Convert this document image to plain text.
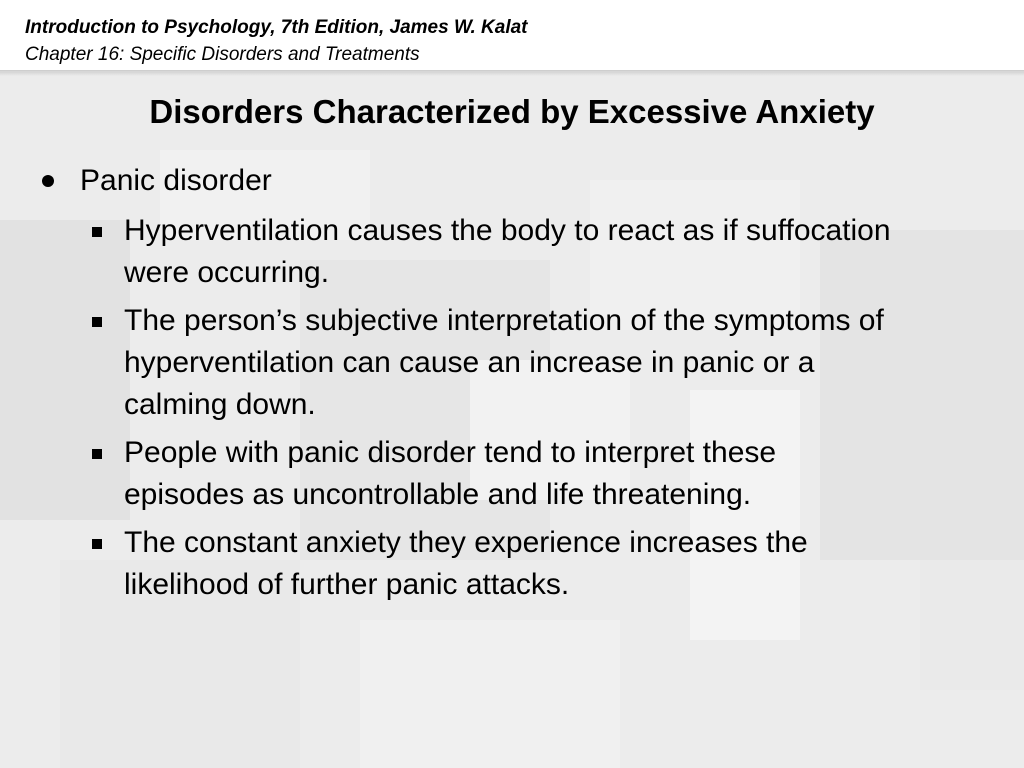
Introduction to Psychology, 7th Edition, James W. Kalat
Chapter 16: Specific Disorders and Treatments
Disorders Characterized by Excessive Anxiety
Panic disorder
Hyperventilation causes the body to react as if suffocation were occurring.
The person’s subjective interpretation of the symptoms of hyperventilation can cause an increase in panic or a calming down.
People with panic disorder tend to interpret these episodes as uncontrollable and life threatening.
The constant anxiety they experience increases the likelihood of further panic attacks.
